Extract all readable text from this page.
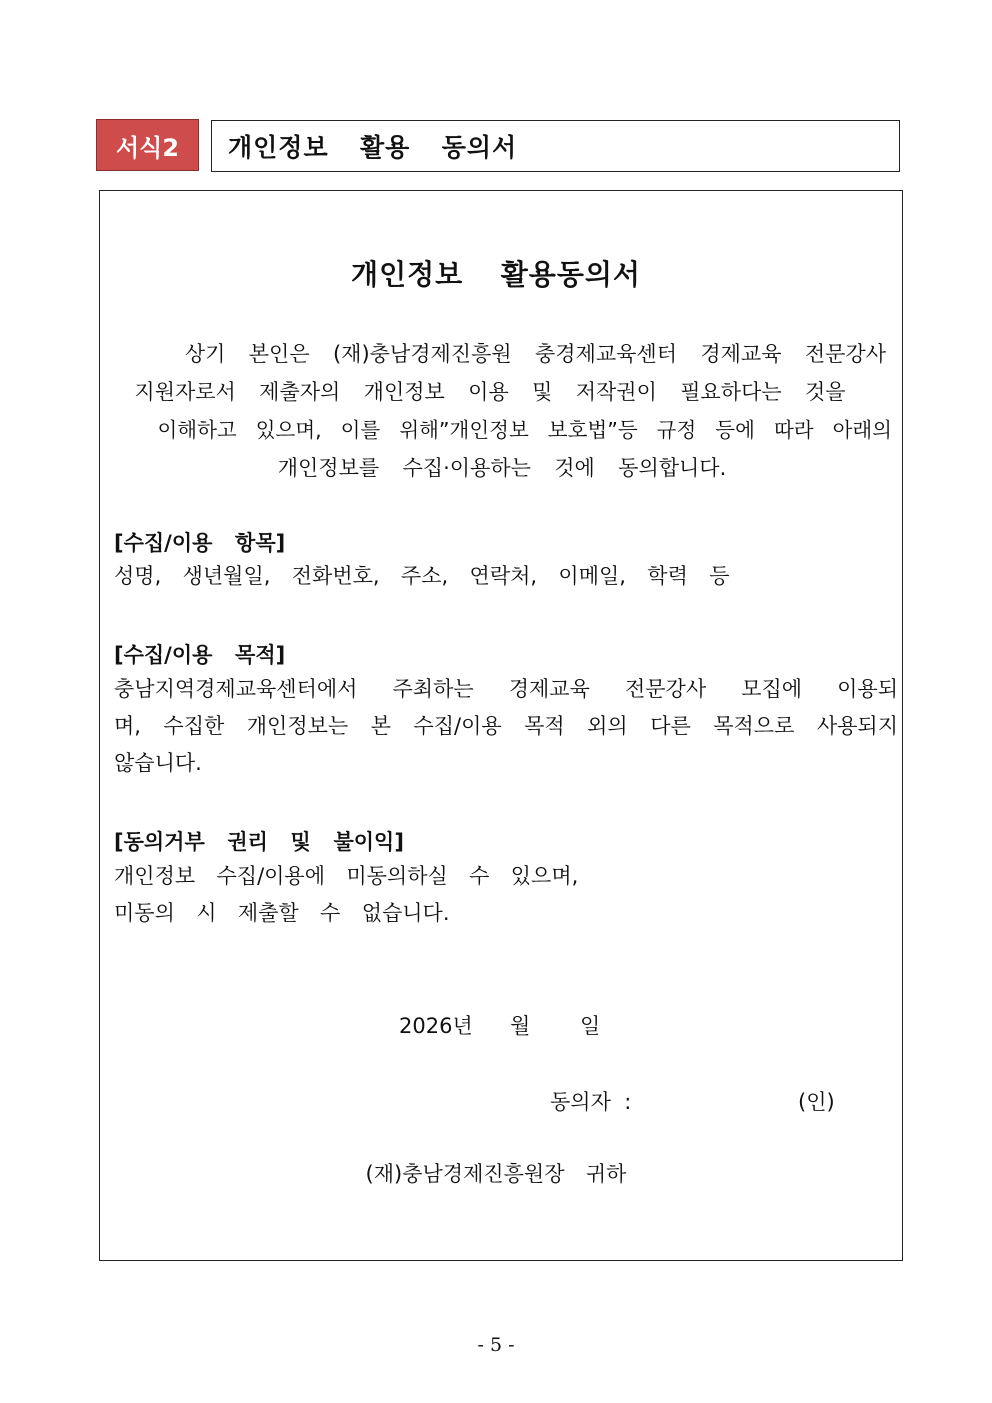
서식2	개인정보  활용  동의서
개인정보  활용동의서
상기  본인은  (재)충남경제진흥원  충경제교육센터  경제교육  전문강사
지원자로서  제출자의  개인정보  이용  및  저작권이  필요하다는  것을
이해하고  있으며,  이를  위해”개인정보  보호법”등  규정  등에  따라  아래의
개인정보를  수집·이용하는  것에  동의합니다.
[수집/이용  항목]
성명,  생년월일,  전화번호,  주소,  연락처,  이메일,  학력  등
[수집/이용  목적]
충남지역경제교육센터에서 주최하는 경제교육 전문강사 모집에 이용되
며, 수집한 개인정보는 본 수집/이용 목적 외의 다른 목적으로 사용되지
않습니다.
[동의거부  권리  및  불이익]
개인정보  수집/이용에  미동의하실  수  있으며,
미동의  시  제출할  수  없습니다.
2026년 월 일
동의자  :	(인)
(재)충남경제진흥원장  귀하
- 5 -
